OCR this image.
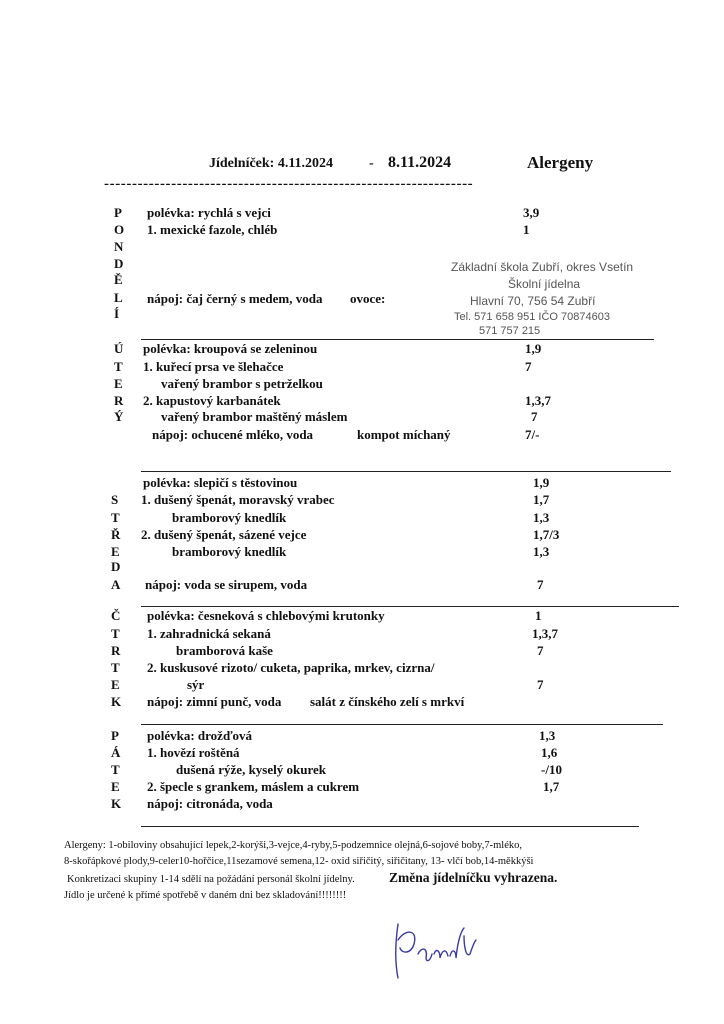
Jídelníček: 4.11.2024	- 8.11.2024	Alergeny
------------------------------------------------------------------
P
O
N
D
Ě
L
Í
polévka: rychlá s vejci	3,9
1. mexické fazole, chléb	1
nápoj: čaj černý s medem, voda ovoce:
Základní škola Zubří, okres Vsetín
Školní jídelna
Hlavní 70, 756 54 Zubří
Tel. 571 658 951 IČO 70874603
571 757 215
Ú
T
E
R
Ý
polévka: kroupová se zeleninou	1,9
1. kuřecí prsa ve šlehačce	7
vařený brambor s petrželkou
2. kapustový karbanátek	1,3,7
vařený brambor maštěný máslem	7
nápoj: ochucené mléko, voda	kompot míchaný	7/-
polévka: slepičí s těstovinou	1,9
S
T
Ř
E
D
A
1. dušený špenát, moravský vrabec	1,7
bramborový knedlík	1,3
2. dušený špenát, sázené vejce	1,7/3
bramborový knedlík	1,3
nápoj: voda se sirupem, voda	7
Č
T
R
T
E
K
polévka: česneková s chlebovými krutonky	1
1. zahradnická sekaná	1,3,7
bramborová kaše	7
2. kuskusové rizoto/ cuketa, paprika, mrkev, cizrna/
sýr	7
nápoj: zimní punč, voda salát z čínského zelí s mrkví
P
Á
T
E
K
polévka: drožďová	1,3
1. hovězí roštěná	1,6
dušená rýže, kyselý okurek	-/10
2. špecle s grankem, máslem a cukrem	1,7
nápoj: citronáda, voda
Alergeny: 1-obiloviny obsahující lepek,2-korýši,3-vejce,4-ryby,5-podzemnice olejná,6-sojové boby,7-mléko,
8-skořápkové plody,9-celer10-hořčice,11sezamové semena,12- oxid siřičitý, siřičitany, 13- vlčí bob,14-měkkýši
Konkretizaci skupiny 1-14 sdělí na požádání personál školní jídelny.	Změna jídelníčku vyhrazena.
Jídlo je určené k přímé spotřebě v daném dni bez skladování!!!!!!!!
